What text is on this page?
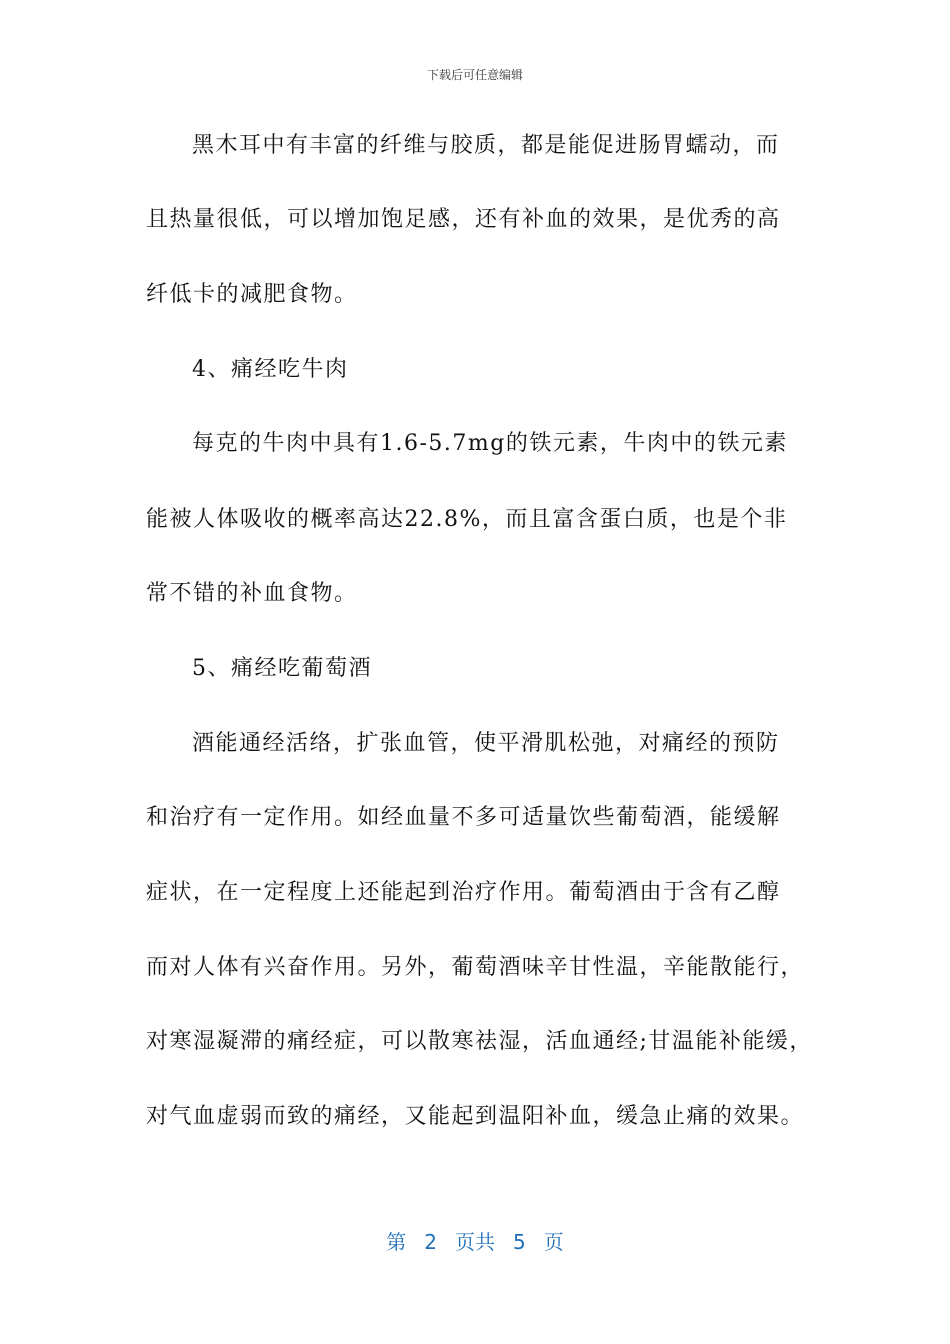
下载后可任意编辑
黑木耳中有丰富的纤维与胶质，都是能促进肠胃蠕动，而
且热量很低，可以增加饱足感，还有补血的效果，是优秀的高
纤低卡的减肥食物。
4、痛经吃牛肉
每克的牛肉中具有1.6-5.7mg的铁元素，牛肉中的铁元素
能被人体吸收的概率高达22.8%，而且富含蛋白质，也是个非
常不错的补血食物。
5、痛经吃葡萄酒
酒能通经活络，扩张血管，使平滑肌松弛，对痛经的预防
和治疗有一定作用。如经血量不多可适量饮些葡萄酒，能缓解
症状，在一定程度上还能起到治疗作用。葡萄酒由于含有乙醇
而对人体有兴奋作用。另外，葡萄酒味辛甘性温，辛能散能行，
对寒湿凝滞的痛经症，可以散寒祛湿，活血通经;甘温能补能缓，
对气血虚弱而致的痛经，又能起到温阳补血，缓急止痛的效果。
第 2 页共 5 页
